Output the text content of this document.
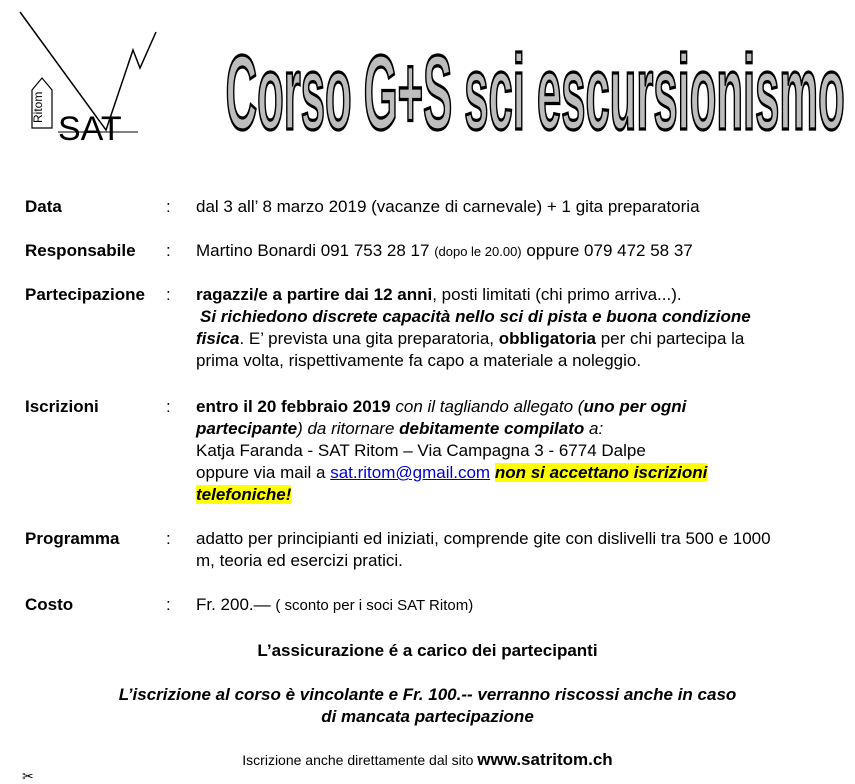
Ritom
SAT Corso G+S sci escursionismo
Data	: dal 3 all’ 8 marzo 2019 (vacanze di carnevale) + 1 gita preparatoria
Responsabile : Martino Bonardi 091 753 28 17 (dopo le 20.00) oppure 079 472 58 37
Partecipazione : ragazzi/e a partire dai 12 anni, posti limitati (chi primo arriva...).
Si richiedono discrete capacità nello sci di pista e buona condizione
fisica. E’ prevista una gita preparatoria, obbligatoria per chi partecipa la
prima volta, rispettivamente fa capo a materiale a noleggio.
Iscrizioni	: entro il 20 febbraio 2019 con il tagliando allegato (uno per ogni
partecipante) da ritornare debitamente compilato a:
Katja Faranda - SAT Ritom – Via Campagna 3 - 6774 Dalpe
oppure via mail a sat.ritom@gmail.com non si accettano iscrizioni
telefoniche!
Programma	: adatto per principianti ed iniziati, comprende gite con dislivelli tra 500 e 1000
m, teoria ed esercizi pratici.
Costo	: Fr. 200.— ( sconto per i soci SAT Ritom)
L’assicurazione é a carico dei partecipanti
L’iscrizione al corso è vincolante e Fr. 100.-- verranno riscossi anche in caso
di mancata partecipazione
Iscrizione anche direttamente dal sito www.satritom.ch
✂
